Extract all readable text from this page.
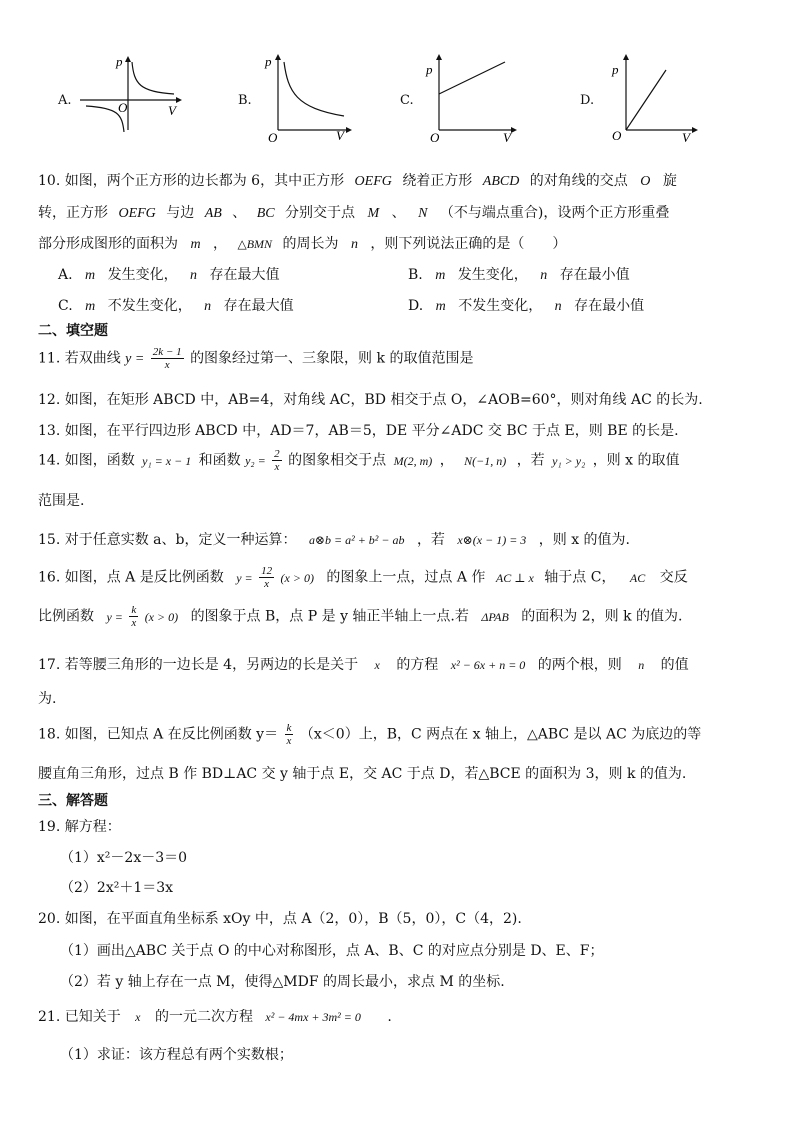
A.
p
V
O	B.
p
V
O
C.
p
V
O
D.
p
V
O
10. 如图，两个正方形的边长都为 6，其中正方形 OEFG 绕着正方形 ABCD 的对角线的交点 O 旋
转，正方形 OEFG 与边 AB 、 BC 分别交于点 M 、 N （不与端点重合)，设两个正方形重叠
部分形成图形的面积为 m ， △BMN 的周长为 n ，则下列说法正确的是（　　）
A. m 发生变化， n 存在最大值	B. m 发生变化， n 存在最小值
C. m 不发生变化， n 存在最大值	D. m 不发生变化， n 存在最小值
二、填空题
11. 若双曲线 $y = \frac{2k - 1}{x}$ 的图象经过第一、三象限，则 k 的取值范围是
12. 如图，在矩形 ABCD 中，AB=4，对角线 AC，BD 相交于点 O，∠AOB=60°，则对角线 AC 的长为.
13. 如图，在平行四边形 ABCD 中，AD＝7，AB＝5，DE 平分∠ADC 交 BC 于点 E，则 BE 的长是.
14. 如图，函数 y₁ = x − 1 和函数 $y_2 = \frac{2}{x}$ 的图象相交于点 M(2, m) ， N(−1, n) ，若 y₁ > y₂ ，则 x 的取值
范围是.
15. 对于任意实数 a、b，定义一种运算： a⊗b = a² + b² − ab ，若 x⊗(x − 1) = 3 ，则 x 的值为.
16. 如图，点 A 是反比例函数 $y = \frac{12}{x} (x > 0)$ 的图象上一点，过点 A 作 AC ⊥ x 轴于点 C， AC 交反
比例函数 $y = \frac{k}{x} (x > 0)$ 的图象于点 B，点 P 是 y 轴正半轴上一点.若 ΔPAB 的面积为 2，则 k 的值为.
17. 若等腰三角形的一边长是 4，另两边的长是关于 x 的方程 x² − 6x + n = 0 的两个根，则 n 的值
为.
18. 如图，已知点 A 在反比例函数 $y= \frac{k}{x} (x<0)$上，B，C 两点在 x 轴上，△ABC 是以 AC 为底边的等
腰直角三角形，过点 B 作 BD⊥AC 交 y 轴于点 E，交 AC 于点 D，若△BCE 的面积为 3，则 k 的值为.
三、解答题
19. 解方程：
（1）x²－2x－3＝0
（2）2x²＋1＝3x
20. 如图，在平面直角坐标系 xOy 中，点 A（2，0），B（5，0），C（4，2).
（1）画出△ABC 关于点 O 的中心对称图形，点 A、B、C 的对应点分别是 D、E、F；
（2）若 y 轴上存在一点 M，使得△MDF 的周长最小，求点 M 的坐标.
21. 已知关于 x 的一元二次方程 x² − 4mx + 3m² = 0 .
（1）求证：该方程总有两个实数根；
